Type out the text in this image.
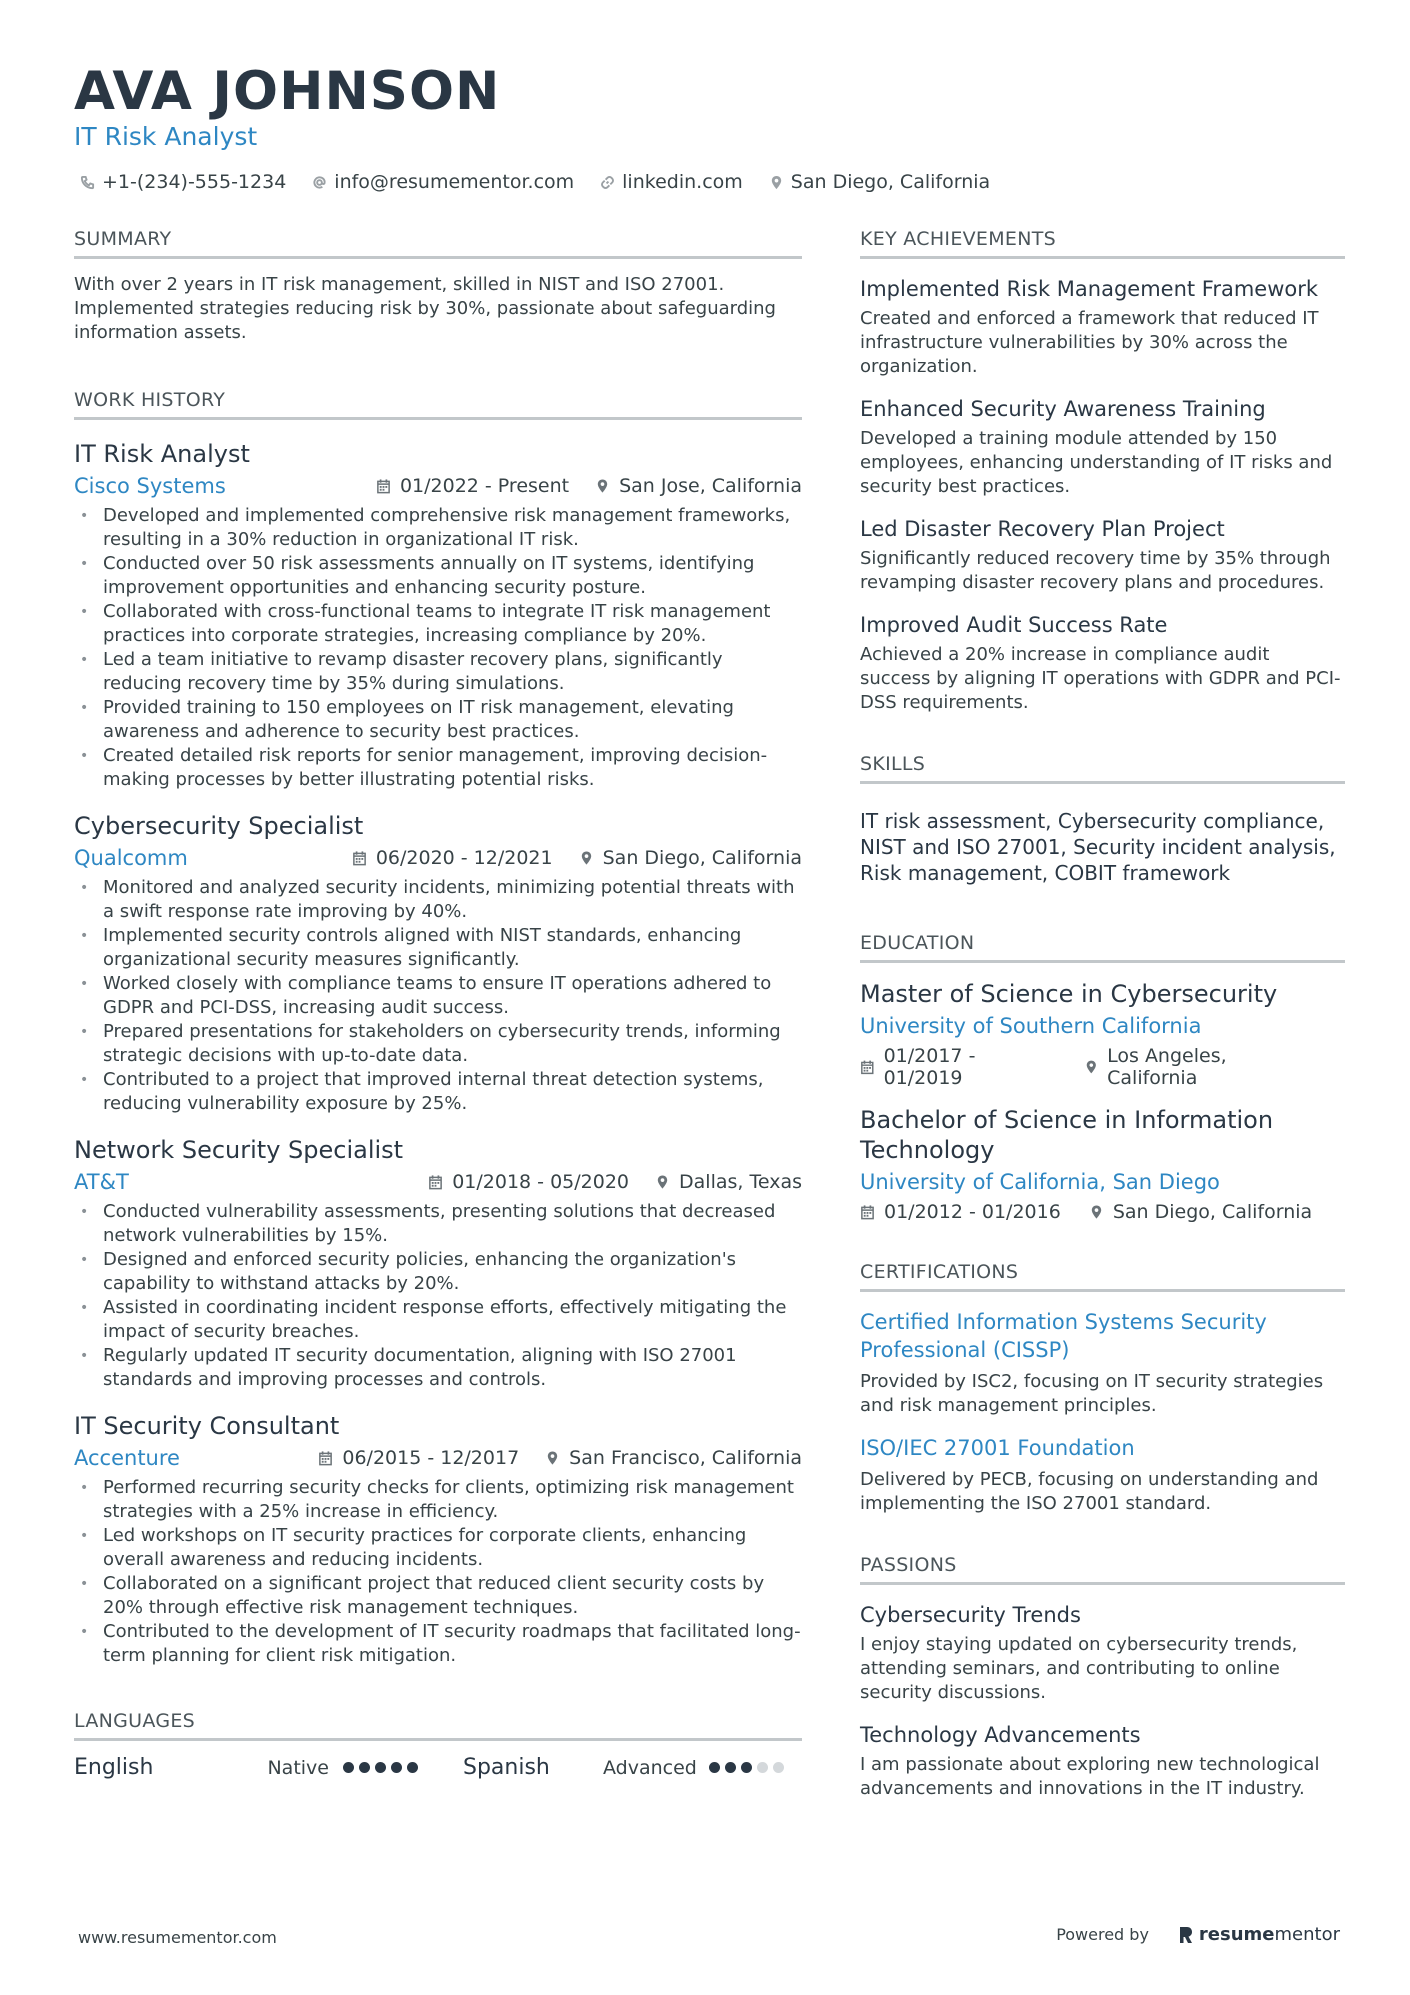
AVA JOHNSON
IT Risk Analyst
+1-(234)-555-1234	info@resumementor.com	linkedin.com	San Diego, California
SUMMARY
With over 2 years in IT risk management, skilled in NIST and ISO 27001. Implemented strategies reducing risk by 30%, passionate about safeguarding information assets.
WORK HISTORY
IT Risk Analyst
Cisco Systems	01/2022 - Present	San Jose, California
• Developed and implemented comprehensive risk management frameworks, resulting in a 30% reduction in organizational IT risk.
• Conducted over 50 risk assessments annually on IT systems, identifying improvement opportunities and enhancing security posture.
• Collaborated with cross-functional teams to integrate IT risk management practices into corporate strategies, increasing compliance by 20%.
• Led a team initiative to revamp disaster recovery plans, significantly reducing recovery time by 35% during simulations.
• Provided training to 150 employees on IT risk management, elevating awareness and adherence to security best practices.
• Created detailed risk reports for senior management, improving decision-making processes by better illustrating potential risks.
Cybersecurity Specialist
Qualcomm	06/2020 - 12/2021	San Diego, California
• Monitored and analyzed security incidents, minimizing potential threats with a swift response rate improving by 40%.
• Implemented security controls aligned with NIST standards, enhancing organizational security measures significantly.
• Worked closely with compliance teams to ensure IT operations adhered to GDPR and PCI-DSS, increasing audit success.
• Prepared presentations for stakeholders on cybersecurity trends, informing strategic decisions with up-to-date data.
• Contributed to a project that improved internal threat detection systems, reducing vulnerability exposure by 25%.
Network Security Specialist
AT&T	01/2018 - 05/2020	Dallas, Texas
• Conducted vulnerability assessments, presenting solutions that decreased network vulnerabilities by 15%.
• Designed and enforced security policies, enhancing the organization's capability to withstand attacks by 20%.
• Assisted in coordinating incident response efforts, effectively mitigating the impact of security breaches.
• Regularly updated IT security documentation, aligning with ISO 27001 standards and improving processes and controls.
IT Security Consultant
Accenture	06/2015 - 12/2017	San Francisco, California
• Performed recurring security checks for clients, optimizing risk management strategies with a 25% increase in efficiency.
• Led workshops on IT security practices for corporate clients, enhancing overall awareness and reducing incidents.
• Collaborated on a significant project that reduced client security costs by 20% through effective risk management techniques.
• Contributed to the development of IT security roadmaps that facilitated long-term planning for client risk mitigation.
LANGUAGES
English	Native	Spanish	Advanced
KEY ACHIEVEMENTS
Implemented Risk Management Framework
Created and enforced a framework that reduced IT infrastructure vulnerabilities by 30% across the organization.
Enhanced Security Awareness Training
Developed a training module attended by 150 employees, enhancing understanding of IT risks and security best practices.
Led Disaster Recovery Plan Project
Significantly reduced recovery time by 35% through revamping disaster recovery plans and procedures.
Improved Audit Success Rate
Achieved a 20% increase in compliance audit success by aligning IT operations with GDPR and PCI-DSS requirements.
SKILLS
IT risk assessment, Cybersecurity compliance, NIST and ISO 27001, Security incident analysis, Risk management, COBIT framework
EDUCATION
Master of Science in Cybersecurity
University of Southern California
01/2017 - 01/2019
Los Angeles, California
Bachelor of Science in Information Technology
University of California, San Diego
01/2012 - 01/2016	San Diego, California
CERTIFICATIONS
Certified Information Systems Security Professional (CISSP)
Provided by ISC2, focusing on IT security strategies and risk management principles.
ISO/IEC 27001 Foundation
Delivered by PECB, focusing on understanding and implementing the ISO 27001 standard.
PASSIONS
Cybersecurity Trends
I enjoy staying updated on cybersecurity trends, attending seminars, and contributing to online security discussions.
Technology Advancements
I am passionate about exploring new technological advancements and innovations in the IT industry.
www.resumementor.com	Powered by	resume mentor
